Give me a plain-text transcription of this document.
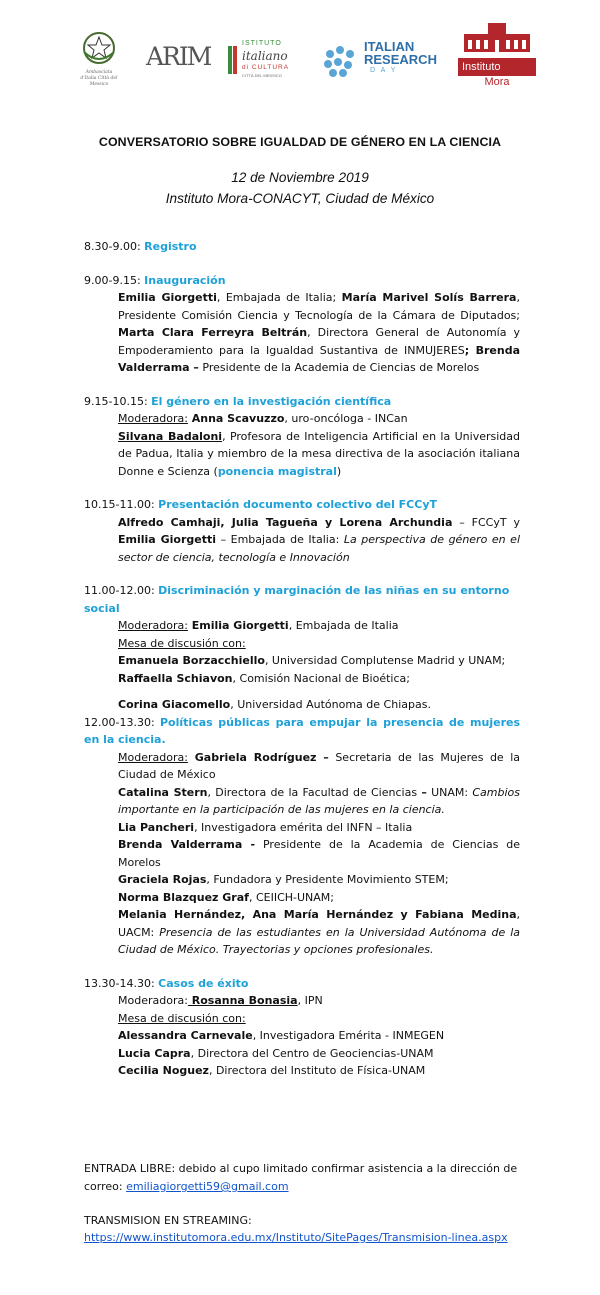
Ambasciata d'Italia Città del Messico
ARIM	ISTITUTO
italiano
di CULTURA
CITTÀ DEL MESSICO
ITALIAN
RESEARCH
D A Y	Instituto
Mora
CONVERSATORIO SOBRE IGUALDAD DE GÉNERO EN LA CIENCIA
12 de Noviembre 2019
Instituto Mora-CONACYT, Ciudad de México
8.30-9.00: Registro
9.00-9.15: Inauguración
Emilia Giorgetti, Embajada de Italia; María Marivel Solís Barrera, Presidente Comisión Ciencia y Tecnología de la Cámara de Diputados; Marta Clara Ferreyra Beltrán, Directora General de Autonomía y Empoderamiento para la Igualdad Sustantiva de INMUJERES; Brenda Valderrama – Presidente de la Academia de Ciencias de Morelos
9.15-10.15: El género en la investigación científica
Moderadora: Anna Scavuzzo, uro-oncóloga - INCan
Silvana Badaloni, Profesora de Inteligencia Artificial en la Universidad de Padua, Italia y miembro de la mesa directiva de la asociación italiana Donne e Scienza (ponencia magistral)
10.15-11.00: Presentación documento colectivo del FCCyT
Alfredo Camhaji, Julia Tagueña y Lorena Archundia – FCCyT y Emilia Giorgetti – Embajada de Italia: La perspectiva de género en el sector de ciencia, tecnología e Innovación
11.00-12.00: Discriminación y marginación de las niñas en su entorno social
Moderadora: Emilia Giorgetti, Embajada de Italia
Mesa de discusión con:
Emanuela Borzacchiello, Universidad Complutense Madrid y UNAM;
Raffaella Schiavon, Comisión Nacional de Bioética;
Corina Giacomello, Universidad Autónoma de Chiapas.
12.00-13.30: Políticas públicas para empujar la presencia de mujeres en la ciencia.
Moderadora: Gabriela Rodríguez – Secretaria de las Mujeres de la Ciudad de México
Catalina Stern, Directora de la Facultad de Ciencias – UNAM: Cambios importante en la participación de las mujeres en la ciencia.
Lia Pancheri, Investigadora emérita del INFN – Italia
Brenda Valderrama - Presidente de la Academia de Ciencias de Morelos
Graciela Rojas, Fundadora y Presidente Movimiento STEM;
Norma Blazquez Graf, CEIICH-UNAM;
Melania Hernández, Ana María Hernández y Fabiana Medina, UACM: Presencia de las estudiantes en la Universidad Autónoma de la Ciudad de México. Trayectorias y opciones profesionales.
13.30-14.30: Casos de éxito
Moderadora: Rosanna Bonasia, IPN
Mesa de discusión con:
Alessandra Carnevale, Investigadora Emérita - INMEGEN
Lucia Capra, Directora del Centro de Geociencias-UNAM
Cecilia Noguez, Directora del Instituto de Física-UNAM
ENTRADA LIBRE: debido al cupo limitado confirmar asistencia a la dirección de correo: emiliagiorgetti59@gmail.com
TRANSMISION EN STREAMING:
https://www.institutomora.edu.mx/Instituto/SitePages/Transmision-linea.aspx
